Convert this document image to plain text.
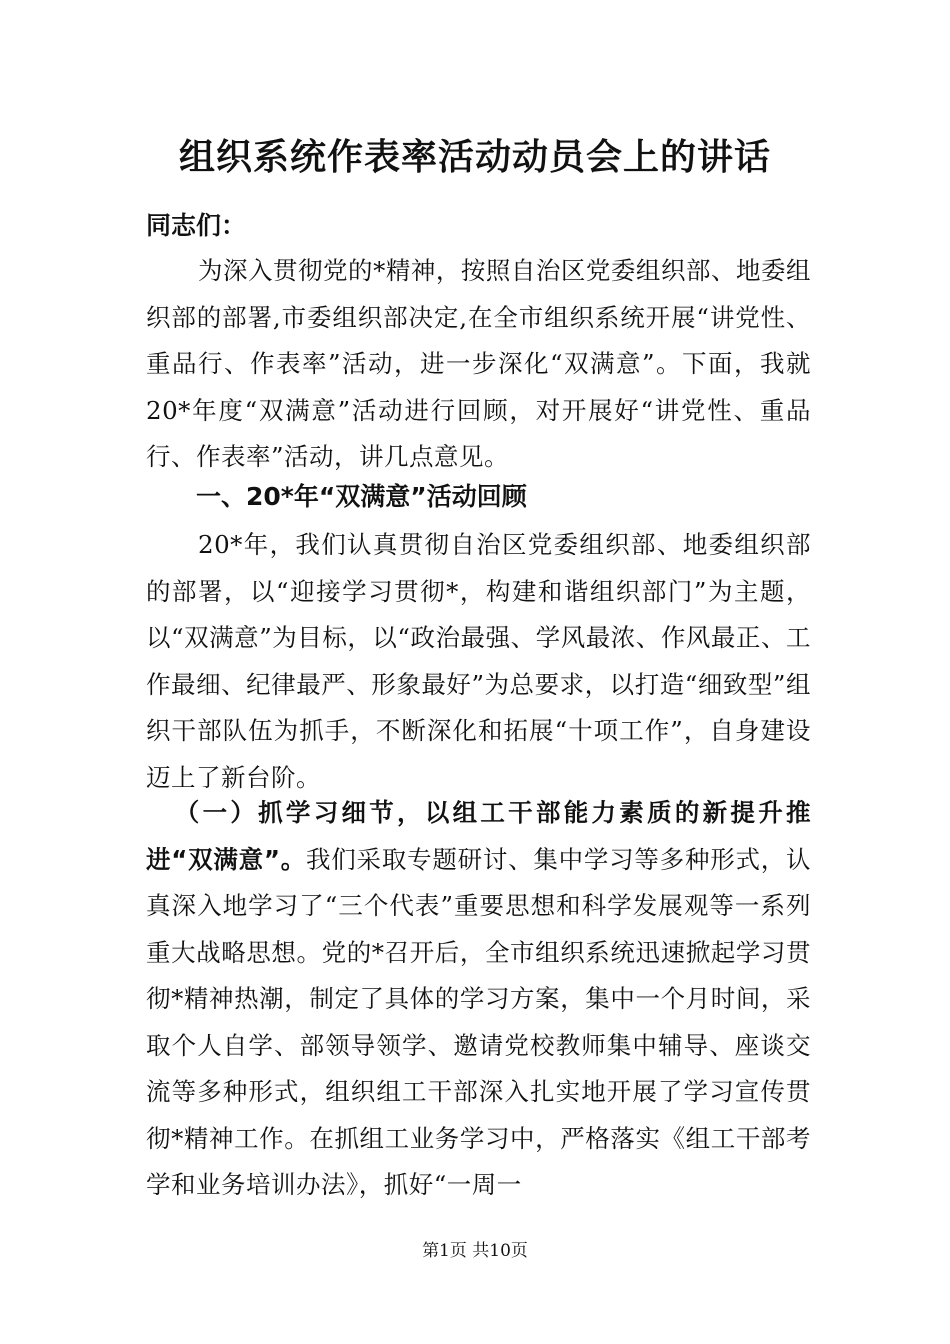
组织系统作表率活动动员会上的讲话
同志们：
为深入贯彻党的*精神，按照自治区党委组织部、地委组织部的部署,市委组织部决定,在全市组织系统开展“讲党性、重品行、作表率”活动，进一步深化“双满意”。下面，我就20*年度“双满意”活动进行回顾，对开展好“讲党性、重品行、作表率”活动，讲几点意见。
一、20*年“双满意”活动回顾
20*年，我们认真贯彻自治区党委组织部、地委组织部的部署，以“迎接学习贯彻*，构建和谐组织部门”为主题，以“双满意”为目标，以“政治最强、学风最浓、作风最正、工作最细、纪律最严、形象最好”为总要求，以打造“细致型”组织干部队伍为抓手，不断深化和拓展“十项工作”，自身建设迈上了新台阶。
（一）抓学习细节，以组工干部能力素质的新提升推进“双满意”。我们采取专题研讨、集中学习等多种形式，认真深入地学习了“三个代表”重要思想和科学发展观等一系列重大战略思想。党的*召开后，全市组织系统迅速掀起学习贯彻*精神热潮，制定了具体的学习方案，集中一个月时间，采取个人自学、部领导领学、邀请党校教师集中辅导、座谈交流等多种形式，组织组工干部深入扎实地开展了学习宣传贯彻*精神工作。在抓组工业务学习中，严格落实《组工干部考学和业务培训办法》，抓好“一周一
第1页 共10页
